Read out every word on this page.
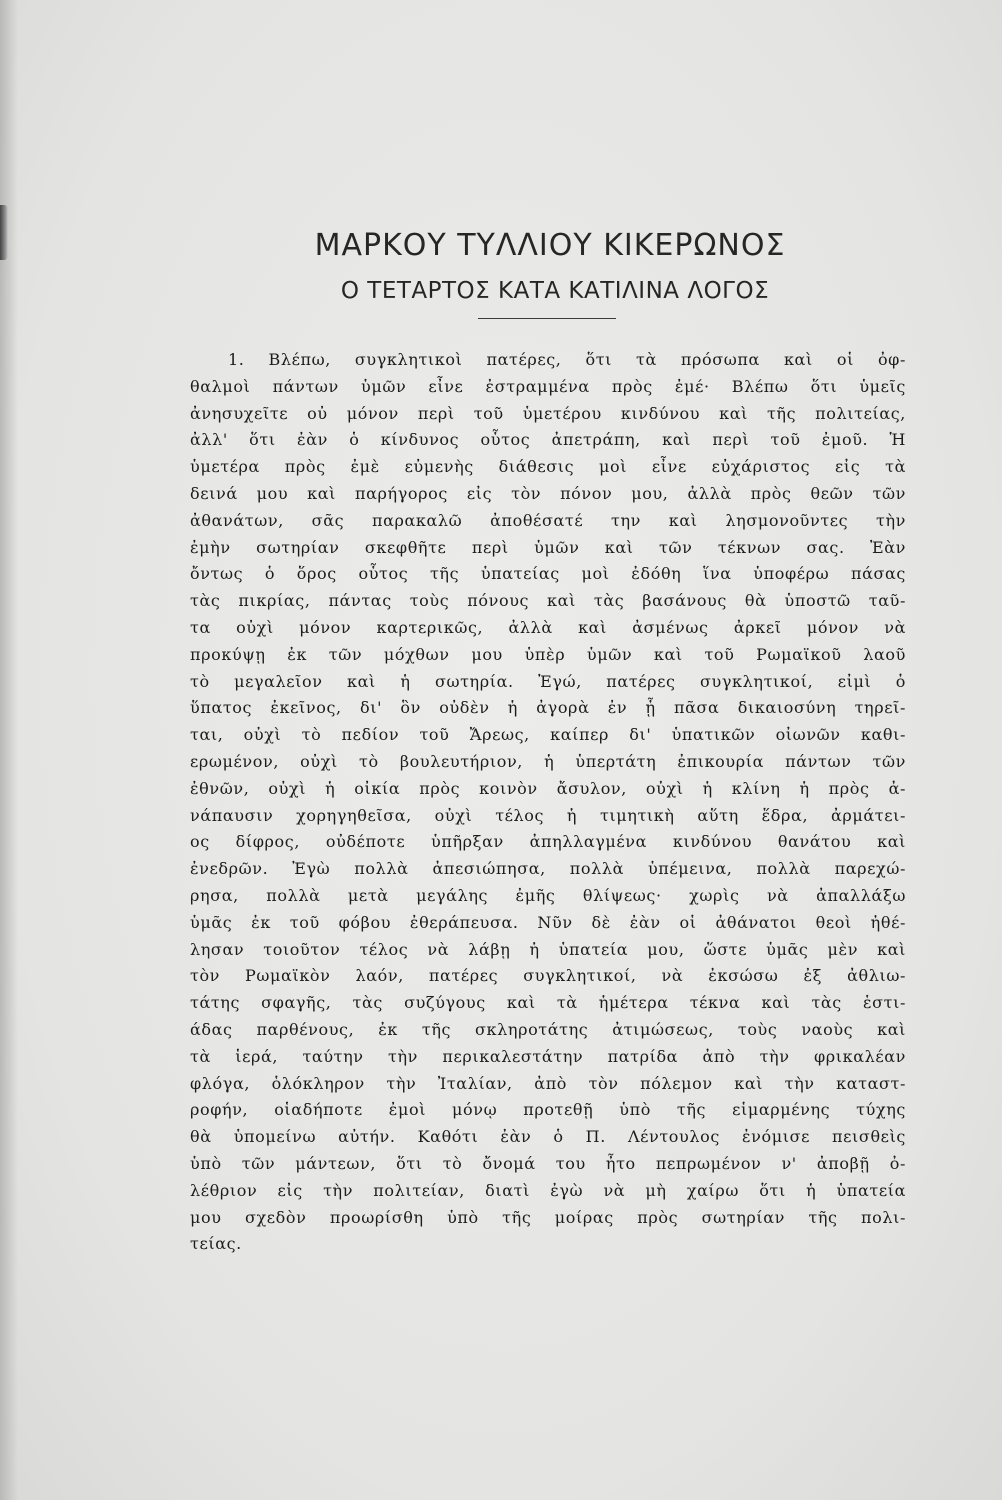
ΜΑΡΚΟΥ ΤΥΛΛΙΟΥ ΚΙΚΕΡΩΝΟΣ
Ο ΤΕΤΑΡΤΟΣ ΚΑΤΑ ΚΑΤΙΛΙΝΑ ΛΟΓΟΣ
1. Βλέπω, συγκλητικοὶ πατέρες, ὅτι τὰ πρόσωπα καὶ οἱ ὀφ-
θαλμοὶ πάντων ὑμῶν εἶνε ἐστραμμένα πρὸς ἐμέ· Βλέπω ὅτι ὑμεῖς
ἀνησυχεῖτε οὐ μόνον περὶ τοῦ ὑμετέρου κινδύνου καὶ τῆς πολιτείας,
ἀλλ' ὅτι ἐὰν ὁ κίνδυνος οὗτος ἀπετράπη, καὶ περὶ τοῦ ἐμοῦ. Ἡ
ὑμετέρα πρὸς ἐμὲ εὐμενὴς διάθεσις μοὶ εἶνε εὐχάριστος εἰς τὰ
δεινά μου καὶ παρήγορος εἰς τὸν πόνον μου, ἀλλὰ πρὸς θεῶν τῶν
ἀθανάτων, σᾶς παρακαλῶ ἀποθέσατέ την καὶ λησμονοῦντες τὴν
ἐμὴν σωτηρίαν σκεφθῆτε περὶ ὑμῶν καὶ τῶν τέκνων σας. Ἐὰν
ὄντως ὁ ὅρος οὗτος τῆς ὑπατείας μοὶ ἐδόθη ἵνα ὑποφέρω πάσας
τὰς πικρίας, πάντας τοὺς πόνους καὶ τὰς βασάνους θὰ ὑποστῶ ταῦ-
τα οὐχὶ μόνον καρτερικῶς, ἀλλὰ καὶ ἀσμένως ἀρκεῖ μόνον νὰ
προκύψῃ ἐκ τῶν μόχθων μου ὑπὲρ ὑμῶν καὶ τοῦ Ρωμαϊκοῦ λαοῦ
τὸ μεγαλεῖον καὶ ἡ σωτηρία. Ἐγώ, πατέρες συγκλητικοί, εἰμὶ ὁ
ὕπατος ἐκεῖνος, δι' ὃν οὐδὲν ἡ ἀγορὰ ἐν ᾗ πᾶσα δικαιοσύνη τηρεῖ-
ται, οὐχὶ τὸ πεδίον τοῦ Ἄρεως, καίπερ δι' ὑπατικῶν οἰωνῶν καθι-
ερωμένον, οὐχὶ τὸ βουλευτήριον, ἡ ὑπερτάτη ἐπικουρία πάντων τῶν
ἐθνῶν, οὐχὶ ἡ οἰκία πρὸς κοινὸν ἄσυλον, οὐχὶ ἡ κλίνη ἡ πρὸς ἀ-
νάπαυσιν χορηγηθεῖσα, οὐχὶ τέλος ἡ τιμητικὴ αὕτη ἕδρα, ἀρμάτει-
ος δίφρος, οὐδέποτε ὑπῆρξαν ἀπηλλαγμένα κινδύνου θανάτου καὶ
ἐνεδρῶν. Ἐγὼ πολλὰ ἀπεσιώπησα, πολλὰ ὑπέμεινα, πολλὰ παρεχώ-
ρησα, πολλὰ μετὰ μεγάλης ἐμῆς θλίψεως· χωρὶς νὰ ἀπαλλάξω
ὑμᾶς ἐκ τοῦ φόβου ἐθεράπευσα. Νῦν δὲ ἐὰν οἱ ἀθάνατοι θεοὶ ἠθέ-
λησαν τοιοῦτον τέλος νὰ λάβῃ ἡ ὑπατεία μου, ὥστε ὑμᾶς μὲν καὶ
τὸν Ρωμαϊκὸν λαόν, πατέρες συγκλητικοί, νὰ ἐκσώσω ἐξ ἀθλιω-
τάτης σφαγῆς, τὰς συζύγους καὶ τὰ ἡμέτερα τέκνα καὶ τὰς ἑστι-
άδας παρθένους, ἐκ τῆς σκληροτάτης ἀτιμώσεως, τοὺς ναοὺς καὶ
τὰ ἱερά, ταύτην τὴν περικαλεστάτην πατρίδα ἀπὸ τὴν φρικαλέαν
φλόγα, ὁλόκληρον τὴν Ἰταλίαν, ἀπὸ τὸν πόλεμον καὶ τὴν καταστ-
ροφήν, οἱαδήποτε ἐμοὶ μόνῳ προτεθῇ ὑπὸ τῆς εἱμαρμένης τύχης
θὰ ὑπομείνω αὐτήν. Καθότι ἐὰν ὁ Π. Λέντουλος ἐνόμισε πεισθεὶς
ὑπὸ τῶν μάντεων, ὅτι τὸ ὄνομά του ἦτο πεπρωμένον ν' ἀποβῇ ὀ-
λέθριον εἰς τὴν πολιτείαν, διατὶ ἐγὼ νὰ μὴ χαίρω ὅτι ἡ ὑπατεία
μου σχεδὸν προωρίσθη ὑπὸ τῆς μοίρας πρὸς σωτηρίαν τῆς πολι-
τείας.
